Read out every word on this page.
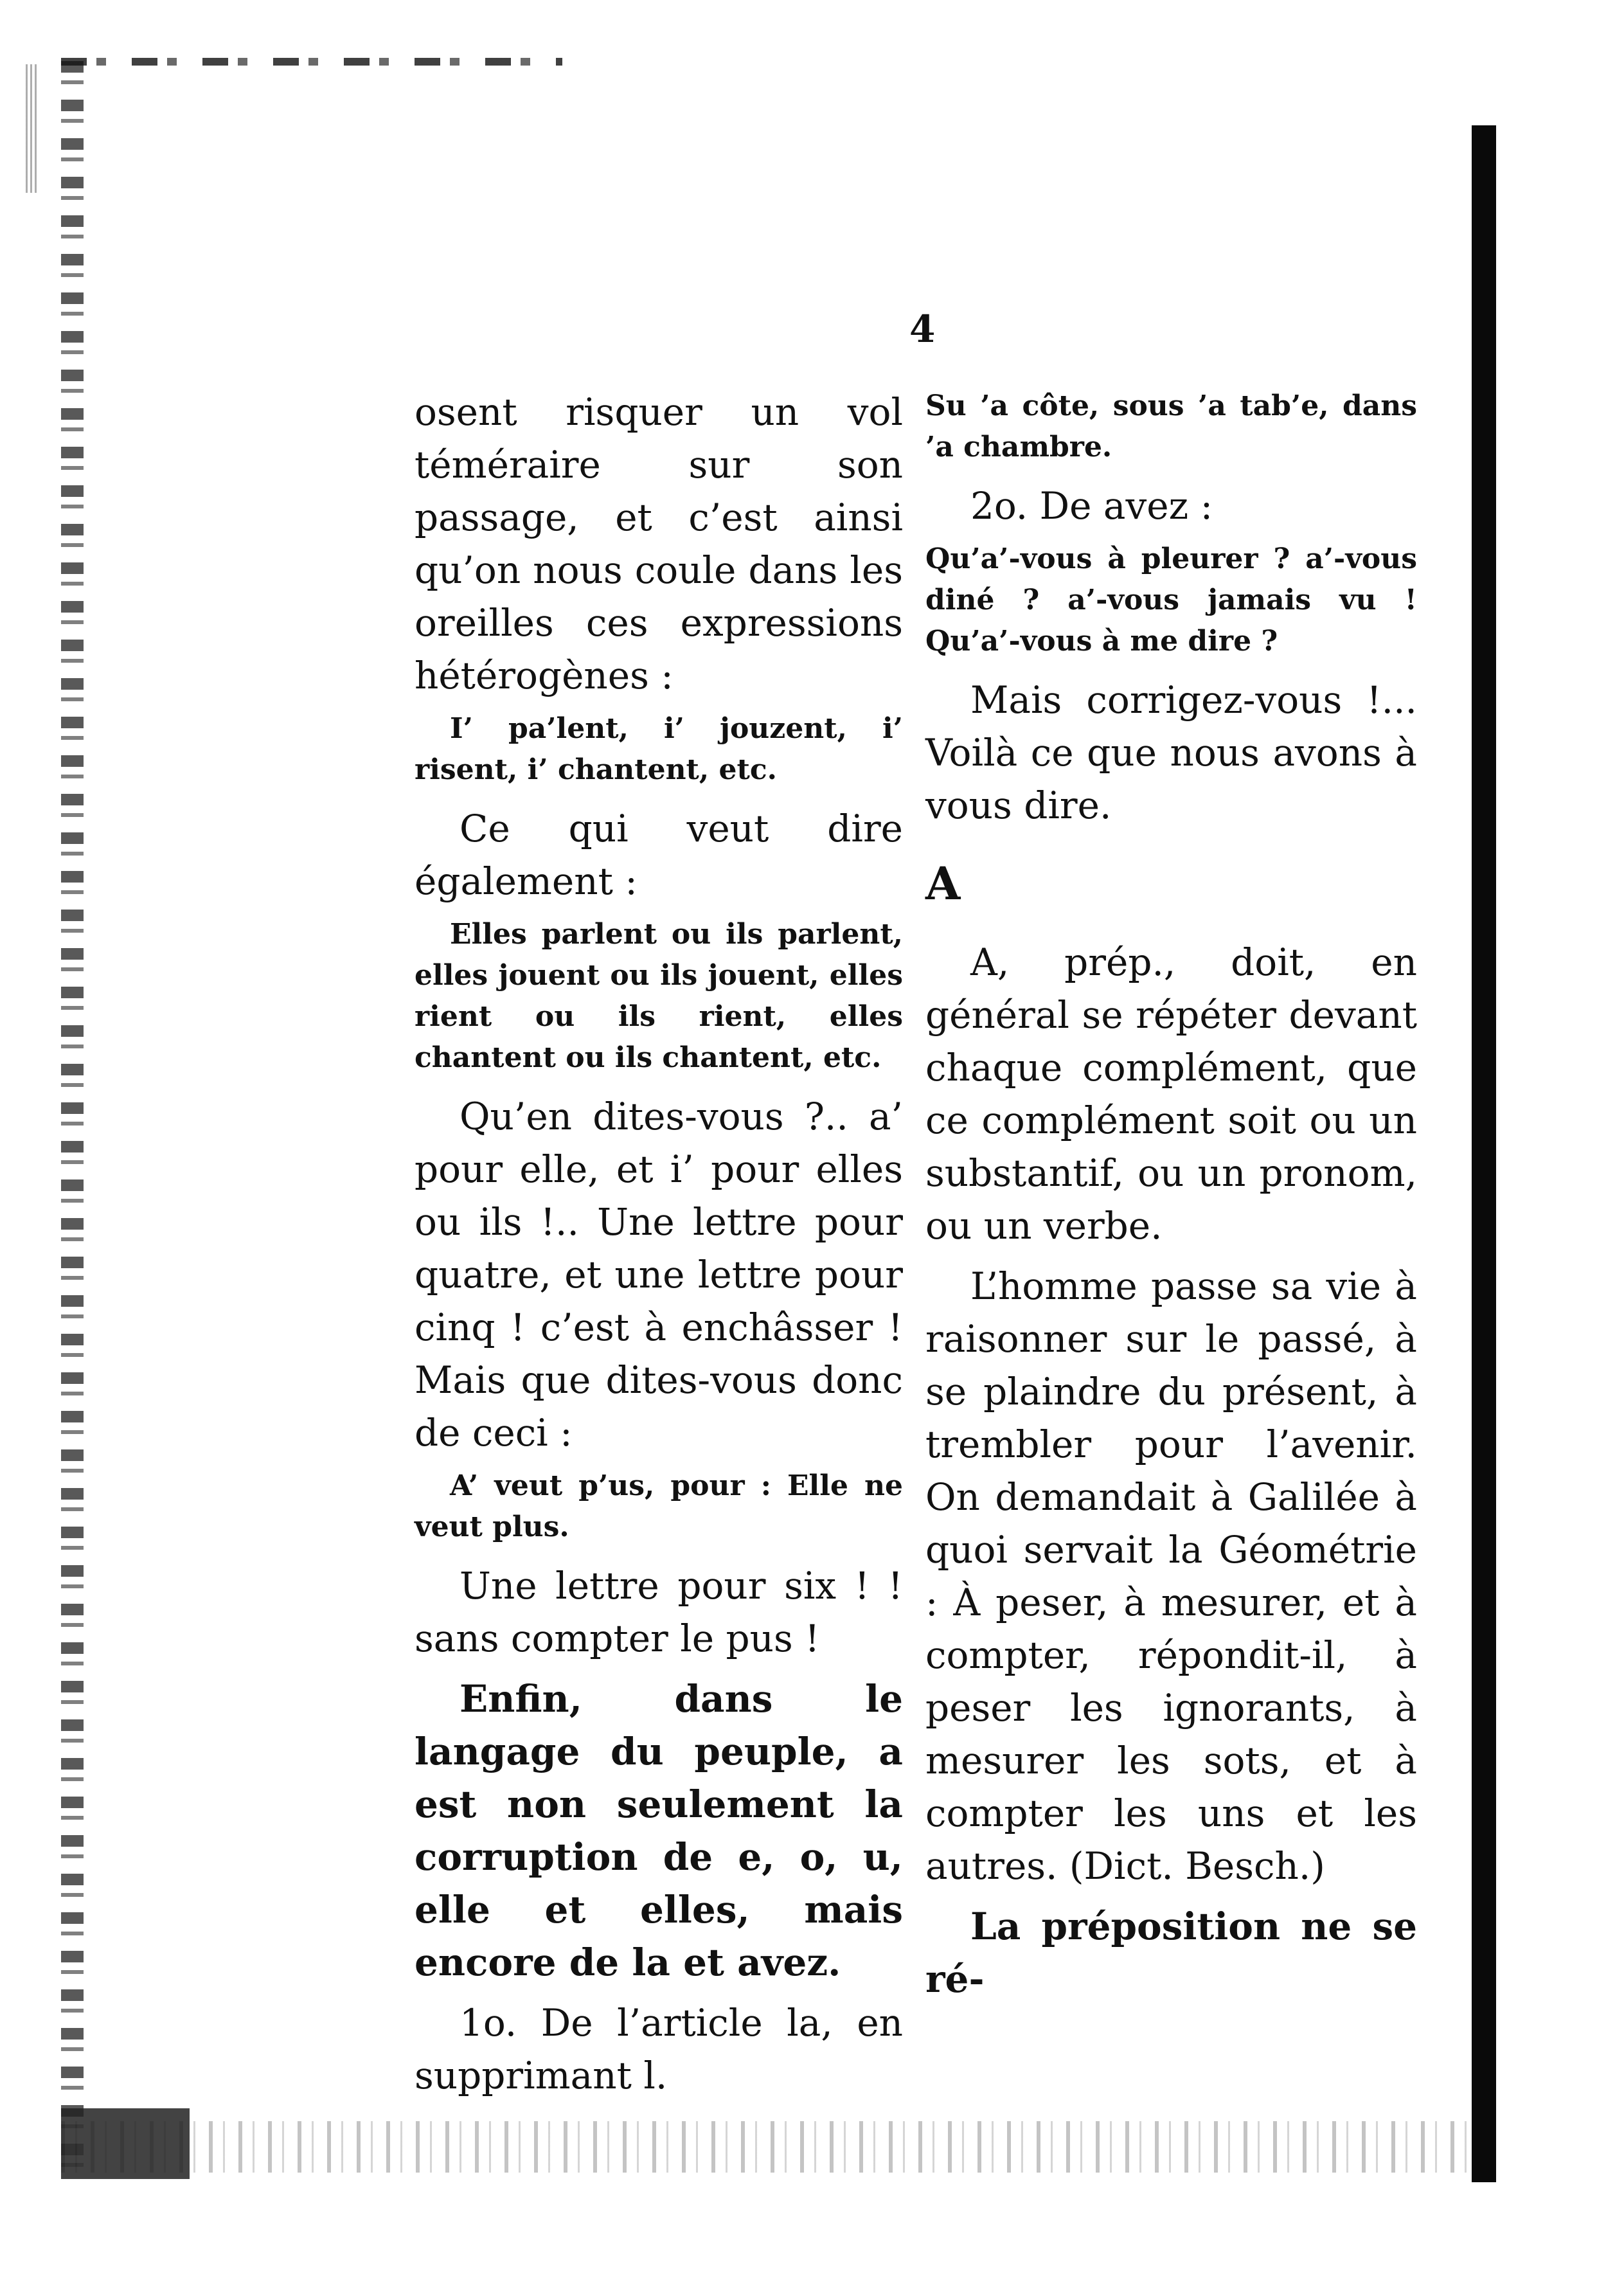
4

osent risquer un vol téméraire sur son passage, et c’est ainsi qu’on nous coule dans les oreilles ces expressions hétérogènes :

I’ pa’lent, i’ jouzent, i’ risent, i’ chantent, etc.

Ce qui veut dire également :

Elles parlent ou ils parlent, elles jouent ou ils jouent, elles rient ou ils rient, elles chantent ou ils chantent, etc.

Qu’en dites-vous ?.. a’ pour elle, et i’ pour elles ou ils !.. Une lettre pour quatre, et une lettre pour cinq ! c’est à enchâsser ! Mais que dites-vous donc de ceci :

A’ veut p’us, pour : Elle ne veut plus.

Une lettre pour six ! ! sans compter le pus !

Enfin, dans le langage du peuple, a est non seulement la corruption de e, o, u, elle et elles, mais encore de la et avez.

1o. De l’article la, en supprimant l.

Su ’a côte, sous ’a tab’e, dans ’a chambre.

2o. De avez :

Qu’a’-vous à pleurer ? a’-vous diné ? a’-vous jamais vu ! Qu’a’-vous à me dire ?

Mais corrigez-vous !... Voilà ce que nous avons à vous dire.

A

A, prép., doit, en général se répéter devant chaque complément, que ce complément soit ou un substantif, ou un pronom, ou un verbe.

L’homme passe sa vie à raisonner sur le passé, à se plaindre du présent, à trembler pour l’avenir. On demandait à Galilée à quoi servait la Géométrie : À peser, à mesurer, et à compter, répondit-il, à peser les ignorants, à mesurer les sots, et à compter les uns et les autres. (Dict. Besch.)

La préposition ne se ré-
